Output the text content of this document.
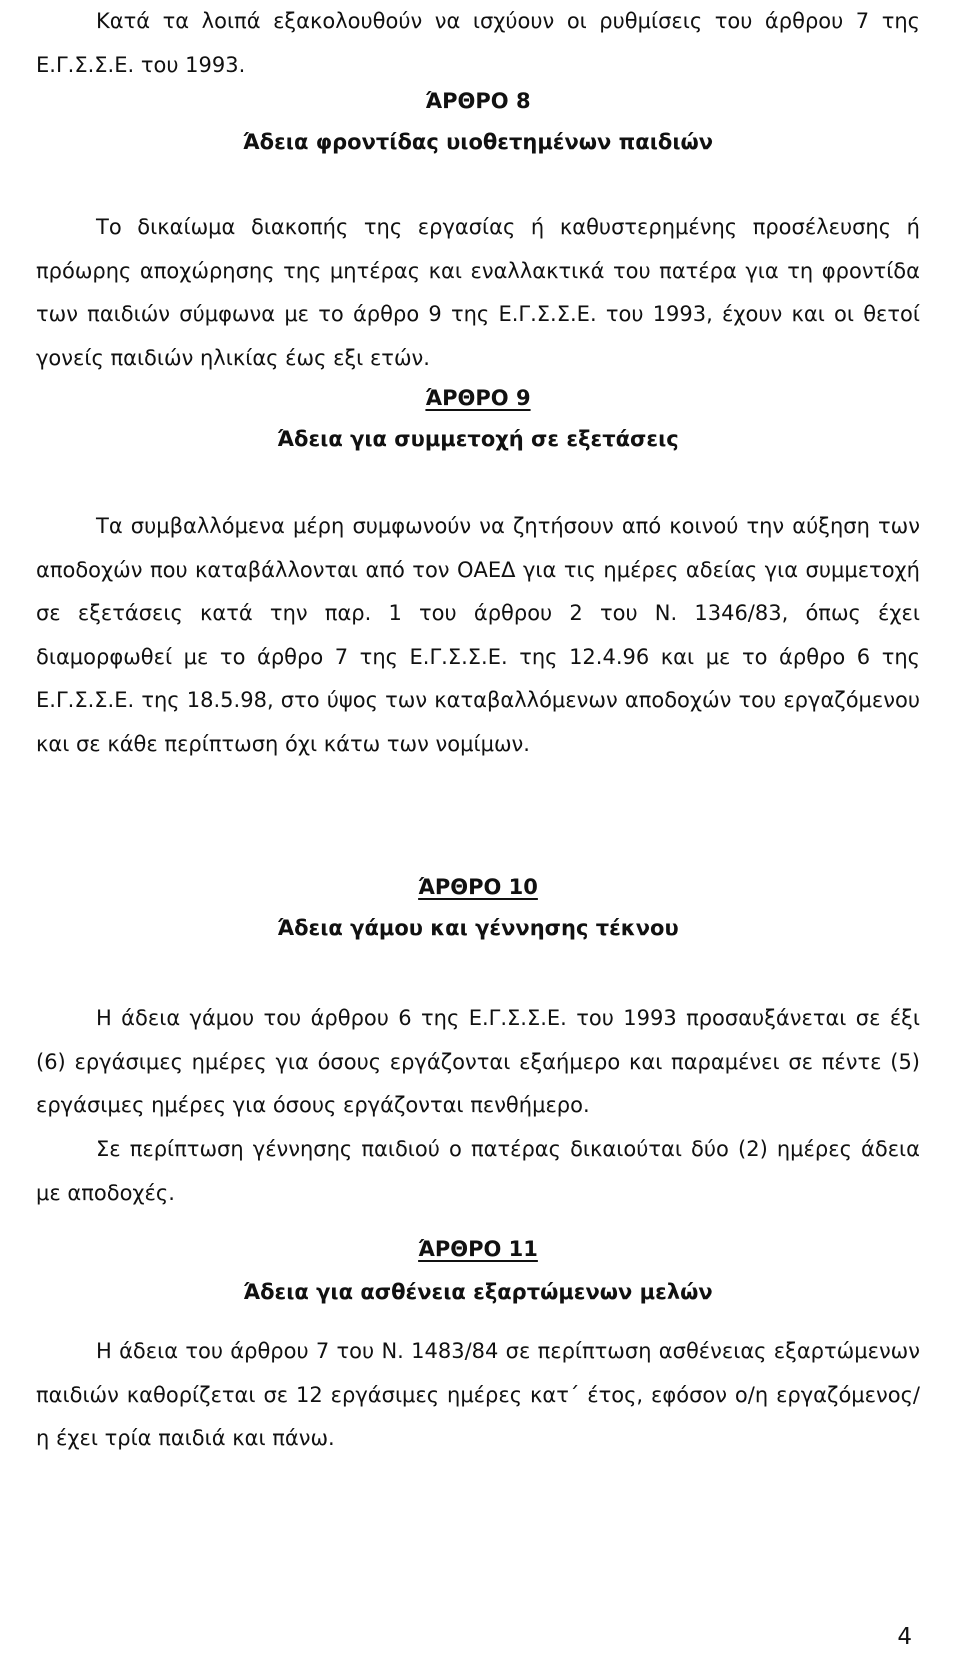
Κατά τα λοιπά εξακολουθούν να ισχύουν οι ρυθμίσεις του άρθρου 7 της Ε.Γ.Σ.Σ.Ε. του 1993.

ΆΡΘΡΟ 8
Άδεια φροντίδας υιοθετημένων παιδιών

Το δικαίωμα διακοπής της εργασίας ή καθυστερημένης προσέλευσης ή πρόωρης αποχώρησης της μητέρας και εναλλακτικά του πατέρα για τη φροντίδα των παιδιών σύμφωνα με το άρθρο 9 της Ε.Γ.Σ.Σ.Ε. του 1993, έχουν και οι θετοί γονείς παιδιών ηλικίας έως εξι ετών.

ΆΡΘΡΟ 9
Άδεια για συμμετοχή σε εξετάσεις

Τα συμβαλλόμενα μέρη συμφωνούν να ζητήσουν από κοινού την αύξηση των αποδοχών που καταβάλλονται από τον ΟΑΕΔ για τις ημέρες αδείας για συμμετοχή σε εξετάσεις κατά την παρ. 1 του άρθρου 2 του Ν. 1346/83, όπως έχει διαμορφωθεί με το άρθρο 7 της Ε.Γ.Σ.Σ.Ε. της 12.4.96 και με το άρθρο 6 της Ε.Γ.Σ.Σ.Ε. της 18.5.98, στο ύψος των καταβαλλόμενων αποδοχών του εργαζόμενου και σε κάθε περίπτωση όχι κάτω των νομίμων.

ΆΡΘΡΟ 10
Άδεια γάμου και γέννησης τέκνου

Η άδεια γάμου του άρθρου 6 της Ε.Γ.Σ.Σ.Ε. του 1993 προσαυξάνεται σε έξι (6) εργάσιμες ημέρες για όσους εργάζονται εξαήμερο και παραμένει σε πέντε (5) εργάσιμες ημέρες για όσους εργάζονται πενθήμερο.

Σε περίπτωση γέννησης παιδιού ο πατέρας δικαιούται δύο (2) ημέρες άδεια με αποδοχές.

ΆΡΘΡΟ 11
Άδεια για ασθένεια εξαρτώμενων μελών

Η άδεια του άρθρου 7 του Ν. 1483/84 σε περίπτωση ασθένειας εξαρτώμενων παιδιών καθορίζεται σε 12 εργάσιμες ημέρες κατ΄ έτος, εφόσον ο/η εργαζόμενος/η έχει τρία παιδιά και πάνω.

4
